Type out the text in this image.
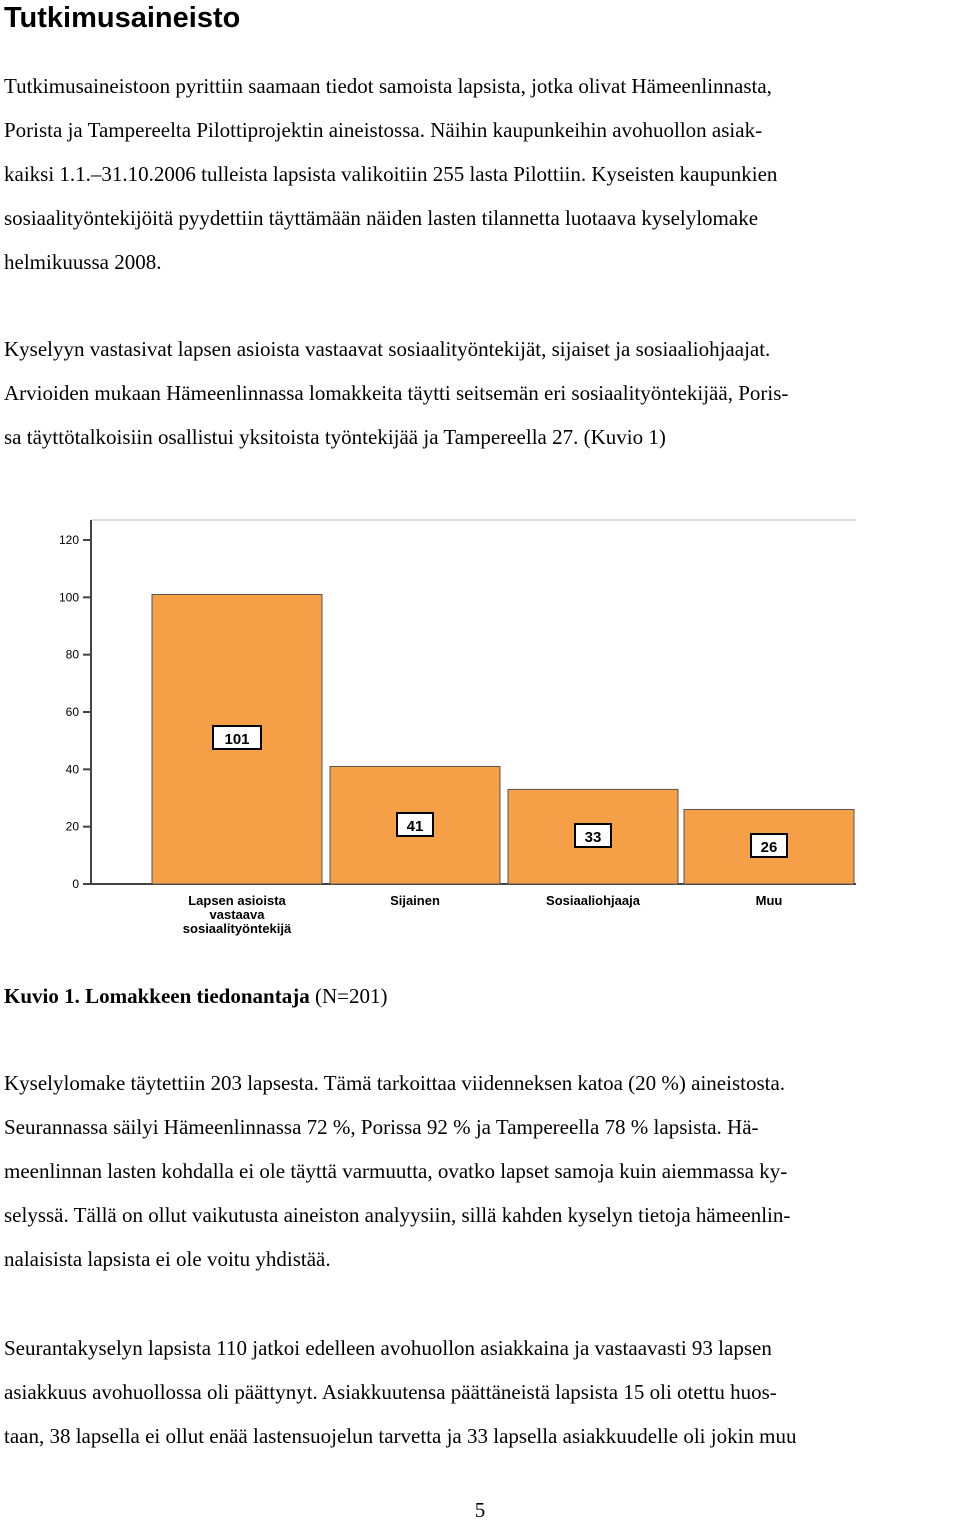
Tutkimusaineisto
Tutkimusaineistoon pyrittiin saamaan tiedot samoista lapsista, jotka olivat Hämeenlinnasta,
Porista ja Tampereelta Pilottiprojektin aineistossa. Näihin kaupunkeihin avohuollon asiak-
kaiksi 1.1.–31.10.2006 tulleista lapsista valikoitiin 255 lasta Pilottiin. Kyseisten kaupunkien
sosiaalityöntekijöitä pyydettiin täyttämään näiden lasten tilannetta luotaava kyselylomake
helmikuussa 2008.
Kyselyyn vastasivat lapsen asioista vastaavat sosiaalityöntekijät, sijaiset ja sosiaaliohjaajat.
Arvioiden mukaan Hämeenlinnassa lomakkeita täytti seitsemän eri sosiaalityöntekijää, Poris-
sa täyttötalkoisiin osallistui yksitoista työntekijää ja Tampereella 27. (Kuvio 1)
0
20
40
60
80
100
120
101
41
33
26
Lapsen asioista
vastaava
sosiaalityöntekijä
Sijainen	Sosiaaliohjaaja	Muu
Kuvio 1. Lomakkeen tiedonantaja (N=201)
Kyselylomake täytettiin 203 lapsesta. Tämä tarkoittaa viidenneksen katoa (20 %) aineistosta.
Seurannassa säilyi Hämeenlinnassa 72 %, Porissa 92 % ja Tampereella 78 % lapsista. Hä-
meenlinnan lasten kohdalla ei ole täyttä varmuutta, ovatko lapset samoja kuin aiemmassa ky-
selyssä. Tällä on ollut vaikutusta aineiston analyysiin, sillä kahden kyselyn tietoja hämeenlin-
nalaisista lapsista ei ole voitu yhdistää.
Seurantakyselyn lapsista 110 jatkoi edelleen avohuollon asiakkaina ja vastaavasti 93 lapsen
asiakkuus avohuollossa oli päättynyt. Asiakkuutensa päättäneistä lapsista 15 oli otettu huos-
taan, 38 lapsella ei ollut enää lastensuojelun tarvetta ja 33 lapsella asiakkuudelle oli jokin muu
5
